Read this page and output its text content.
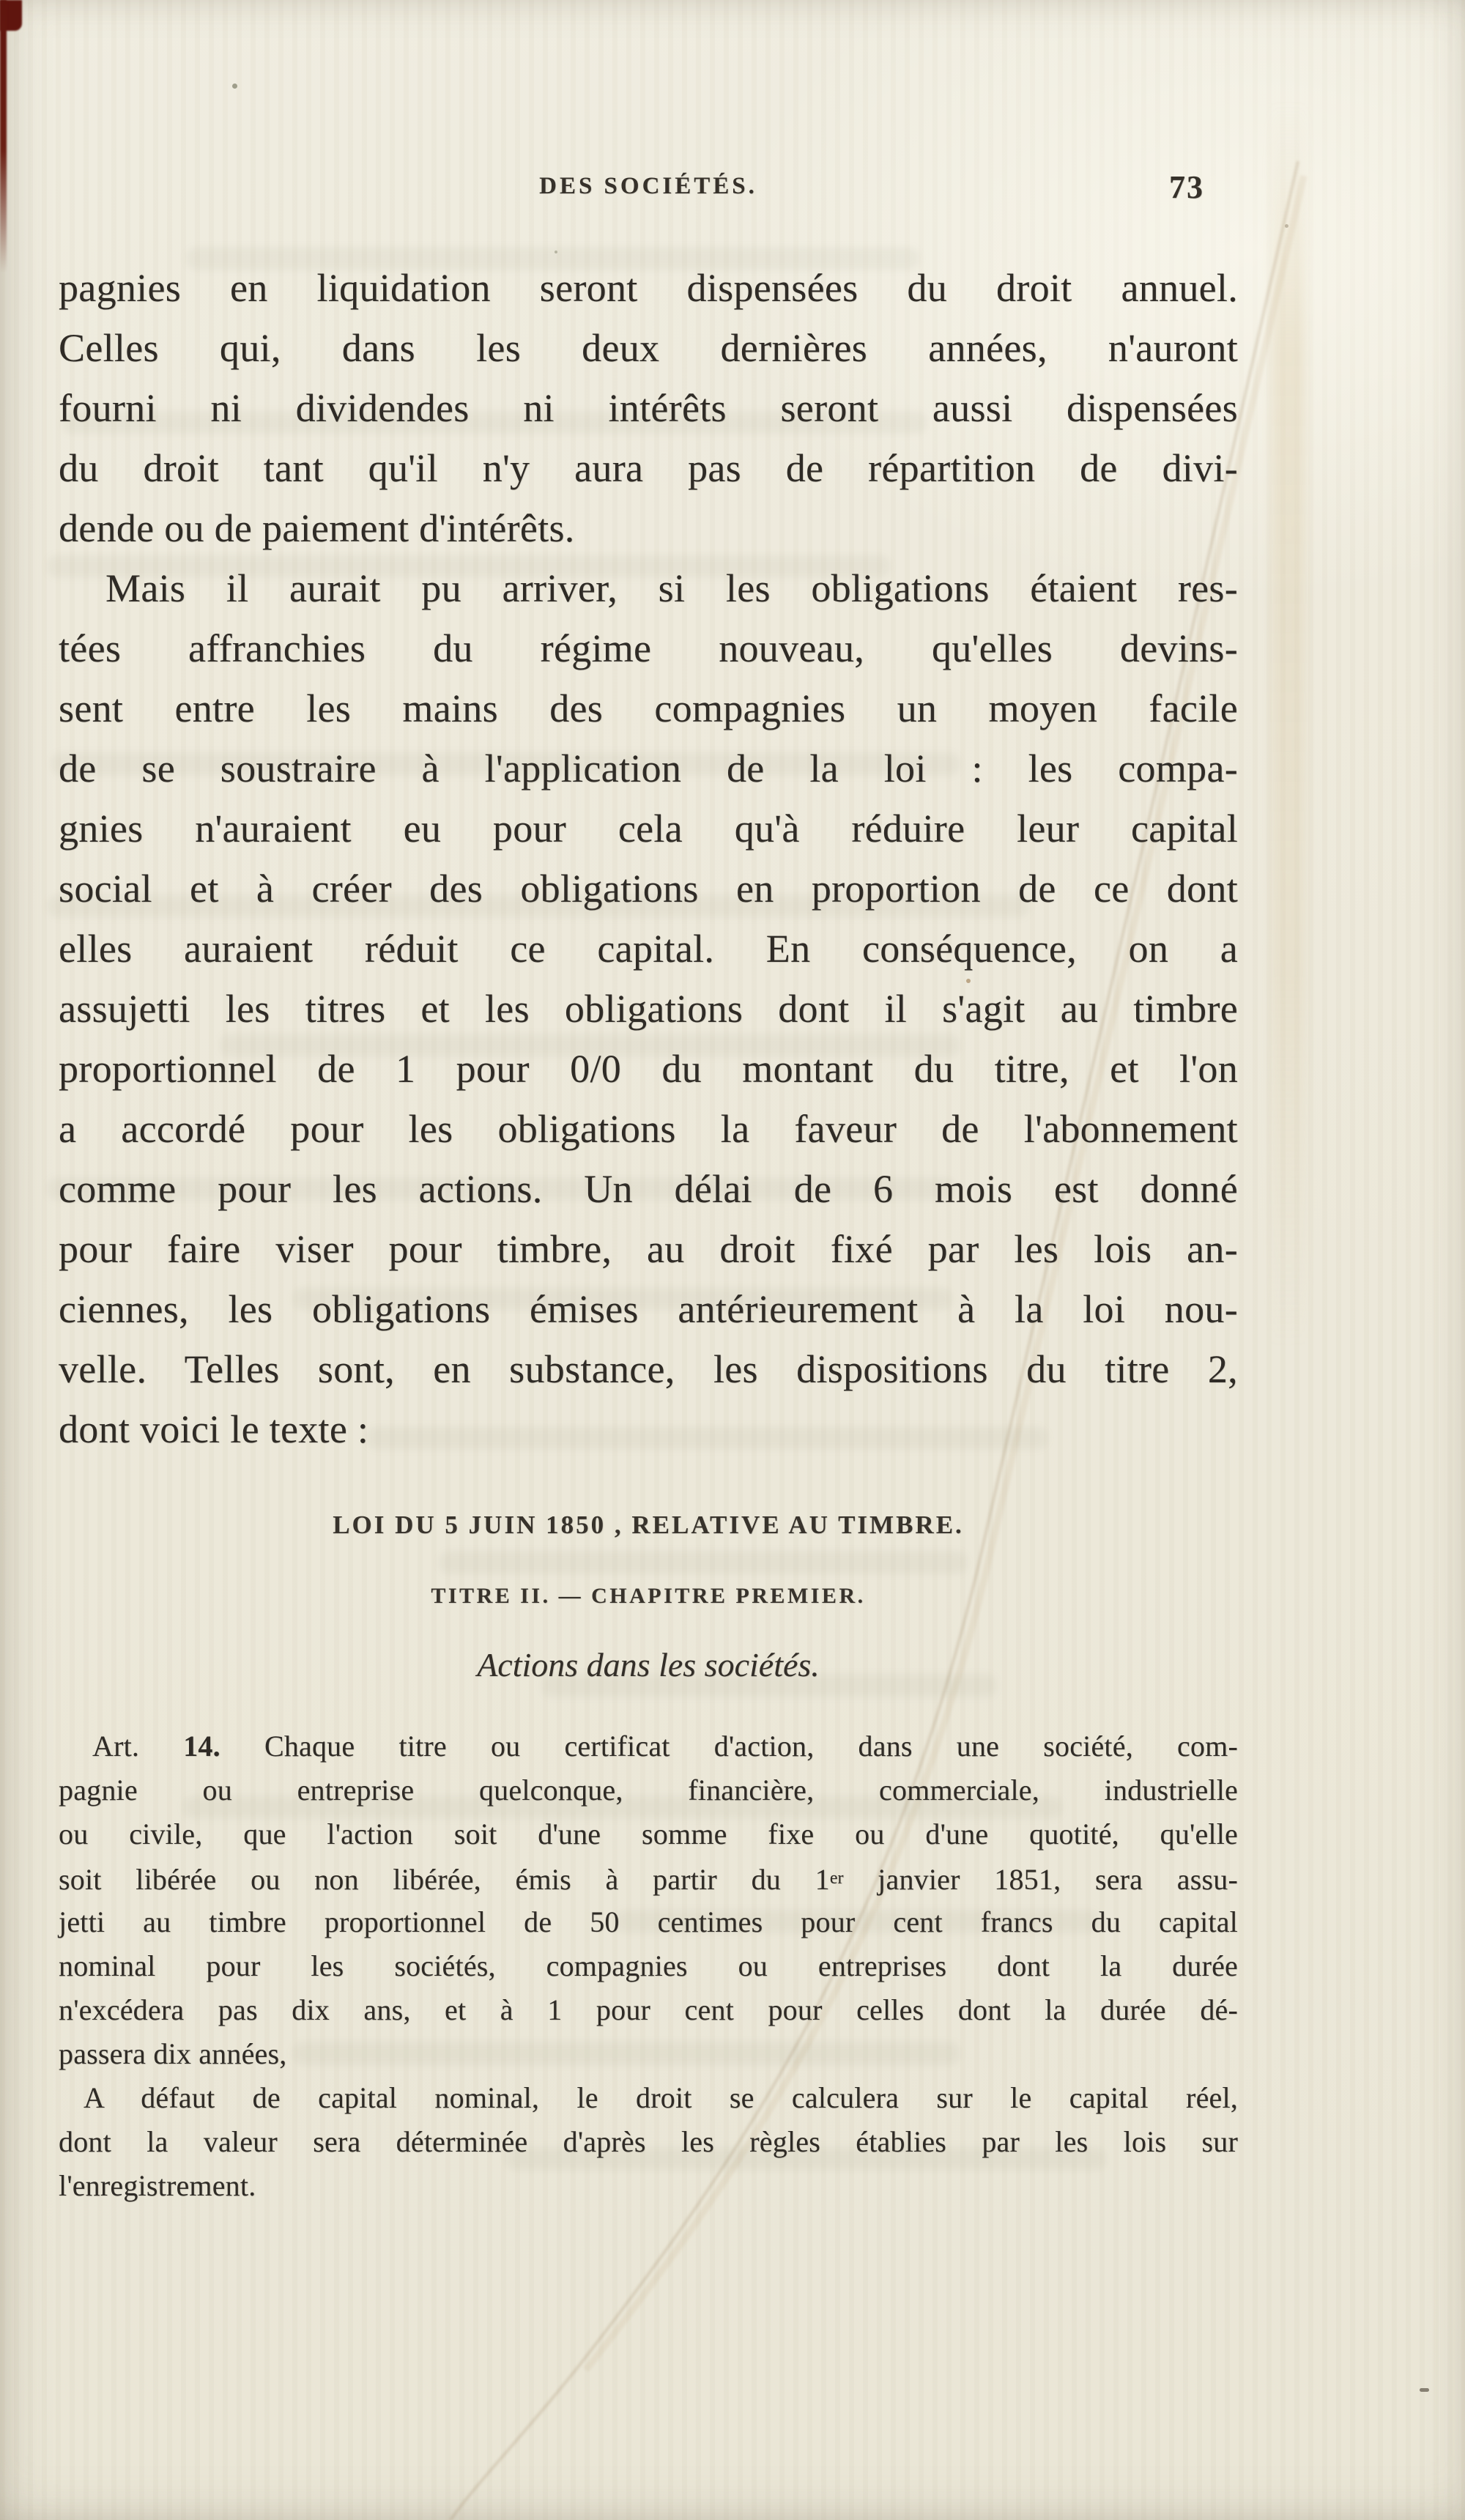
DES SOCIÉTÉS.	73
pagnies en liquidation seront dispensées du droit annuel.
Celles qui, dans les deux dernières années, n'auront
fourni ni dividendes ni intérêts seront aussi dispensées
du droit tant qu'il n'y aura pas de répartition de divi-
dende ou de paiement d'intérêts.
Mais il aurait pu arriver, si les obligations étaient res-
tées affranchies du régime nouveau, qu'elles devins-
sent entre les mains des compagnies un moyen facile
de se soustraire à l'application de la loi : les compa-
gnies n'auraient eu pour cela qu'à réduire leur capital
social et à créer des obligations en proportion de ce dont
elles auraient réduit ce capital. En conséquence, on a
assujetti les titres et les obligations dont il s'agit au timbre
proportionnel de 1 pour 0/0 du montant du titre, et l'on
a accordé pour les obligations la faveur de l'abonnement
comme pour les actions. Un délai de 6 mois est donné
pour faire viser pour timbre, au droit fixé par les lois an-
ciennes, les obligations émises antérieurement à la loi nou-
velle. Telles sont, en substance, les dispositions du titre 2,
dont voici le texte :
LOI DU 5 JUIN 1850 , RELATIVE AU TIMBRE.
TITRE II. — CHAPITRE PREMIER.
Actions dans les sociétés.
Art. 14. Chaque titre ou certificat d'action, dans une société, com-
pagnie ou entreprise quelconque, financière, commerciale, industrielle
ou civile, que l'action soit d'une somme fixe ou d'une quotité, qu'elle
soit libérée ou non libérée, émis à partir du 1er janvier 1851, sera assu-
jetti au timbre proportionnel de 50 centimes pour cent francs du capital
nominal pour les sociétés, compagnies ou entreprises dont la durée
n'excédera pas dix ans, et à 1 pour cent pour celles dont la durée dé-
passera dix années,
A défaut de capital nominal, le droit se calculera sur le capital réel,
dont la valeur sera déterminée d'après les règles établies par les lois sur
l'enregistrement.
